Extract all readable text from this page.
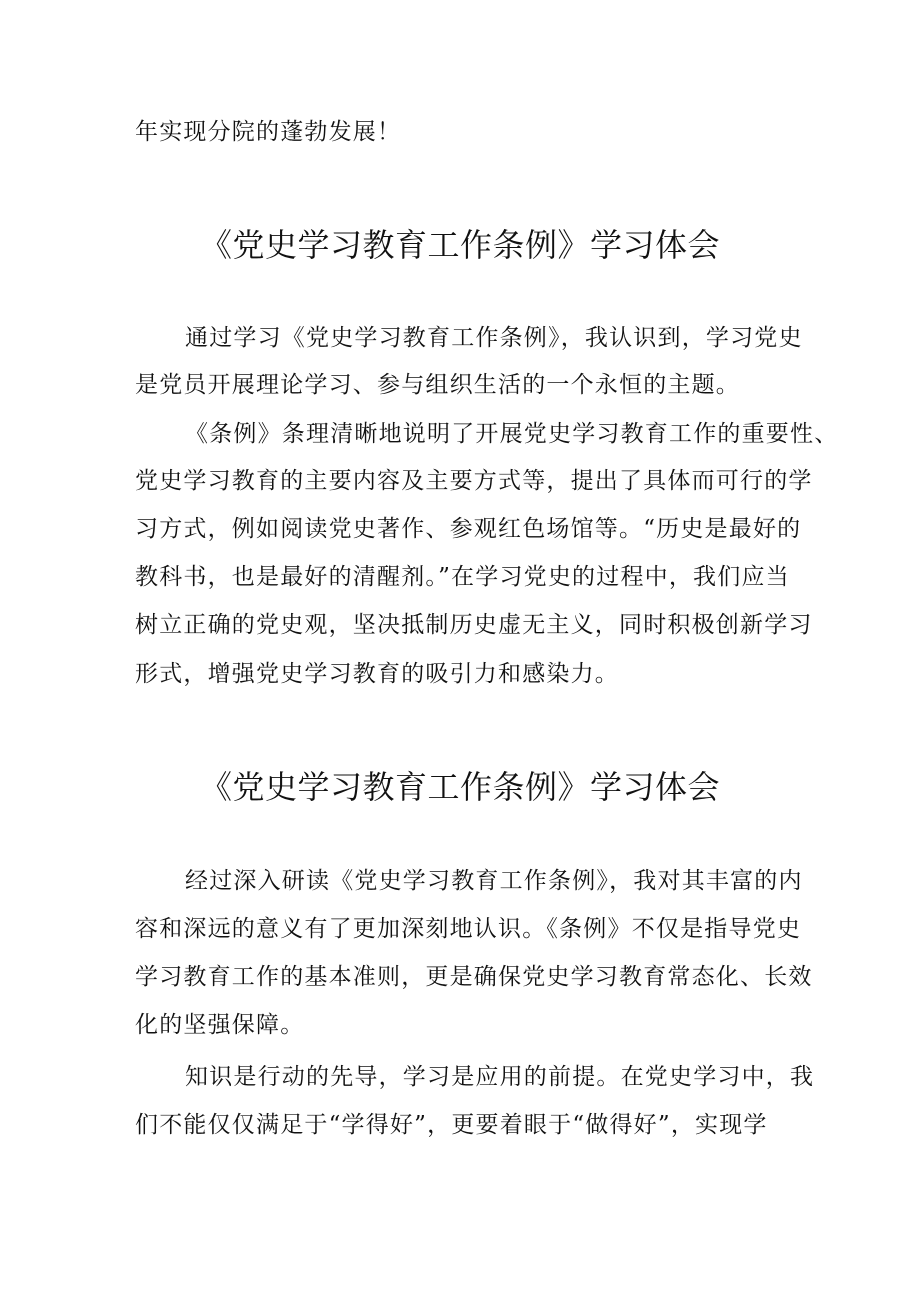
年实现分院的蓬勃发展！
《党史学习教育工作条例》学习体会
通过学习《党史学习教育工作条例》，我认识到，学习党史
是党员开展理论学习、参与组织生活的一个永恒的主题。
《条例》条理清晰地说明了开展党史学习教育工作的重要性、
党史学习教育的主要内容及主要方式等，提出了具体而可行的学
习方式，例如阅读党史著作、参观红色场馆等。“历史是最好的
教科书，也是最好的清醒剂。”在学习党史的过程中，我们应当
树立正确的党史观，坚决抵制历史虚无主义，同时积极创新学习
形式，增强党史学习教育的吸引力和感染力。
《党史学习教育工作条例》学习体会
经过深入研读《党史学习教育工作条例》，我对其丰富的内
容和深远的意义有了更加深刻地认识。《条例》不仅是指导党史
学习教育工作的基本准则，更是确保党史学习教育常态化、长效
化的坚强保障。
知识是行动的先导，学习是应用的前提。在党史学习中，我
们不能仅仅满足于“学得好”，更要着眼于“做得好”，实现学
